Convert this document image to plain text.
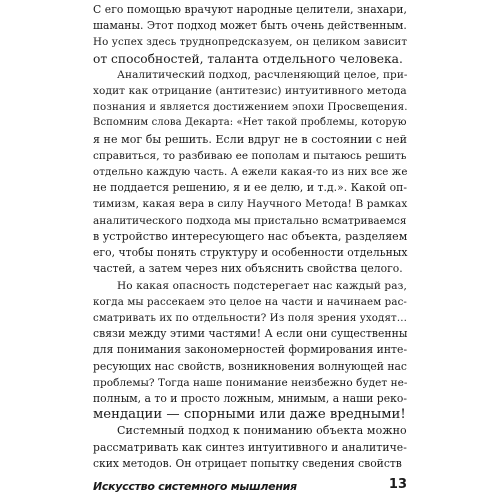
С его помощью врачуют народные целители, знахари,
шаманы. Этот подход может быть очень действенным.
Но успех здесь труднопредсказуем, он целиком зависит
от способностей, таланта отдельного человека.
Аналитический подход, расчленяющий целое, при-
ходит как отрицание (антитезис) интуитивного метода
познания и является достижением эпохи Просвещения.
Вспомним слова Декарта: «Нет такой проблемы, которую
я не мог бы решить. Если вдруг не в состоянии с ней
справиться, то разбиваю ее пополам и пытаюсь решить
отдельно каждую часть. А ежели какая-то из них все же
не поддается решению, я и ее делю, и т.д.». Какой оп-
тимизм, какая вера в силу Научного Метода! В рамках
аналитического подхода мы пристально всматриваемся
в устройство интересующего нас объекта, разделяем
его, чтобы понять структуру и особенности отдельных
частей, а затем через них объяснить свойства целого.
Но какая опасность подстерегает нас каждый раз,
когда мы рассекаем это целое на части и начинаем рас-
сматривать их по отдельности? Из поля зрения уходят…
связи между этими частями! А если они существенны
для понимания закономерностей формирования инте-
ресующих нас свойств, возникновения волнующей нас
проблемы? Тогда наше понимание неизбежно будет не-
полным, а то и просто ложным, мнимым, а наши реко-
мендации — спорными или даже вредными!
Системный подход к пониманию объекта можно
рассматривать как синтез интуитивного и аналитиче-
ских методов. Он отрицает попытку сведения свойств
Искусство системного мышления	13
